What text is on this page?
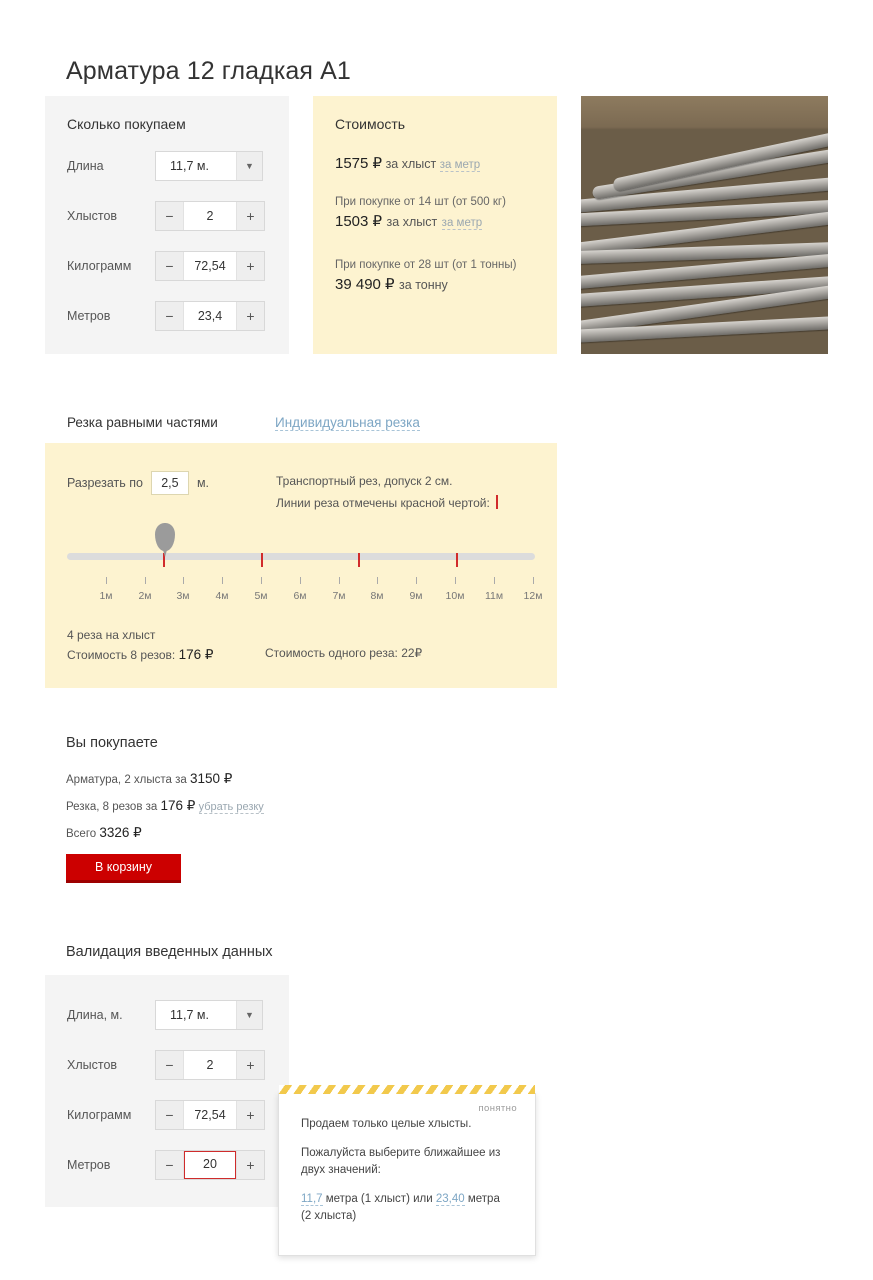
Арматура 12 гладкая А1
Сколько покупаем
Длина	11,7 м.	▼
Хлыстов	−	2	+
Килограмм	−	72,54	+
Метров	−	23,4	+
Стоимость
1575 ₽ за хлыст за метр
При покупке от 14 шт (от 500 кг)
1503 ₽ за хлыст за метр
При покупке от 28 шт (от 1 тонны)
39 490 ₽ за тонну
Резка равными частями	Индивидуальная резка
Разрезать по	2,5	м.	Транспортный рез, допуск 2 см.
Линии реза отмечены красной чертой:
1м	2м	3м	4м	5м	6м	7м	8м	9м	10м	11м	12м
4 реза на хлыст
Стоимость 8 резов: 176 ₽	Стоимость одного реза: 22₽
Вы покупаете
Арматура, 2 хлыста за 3150 ₽
Резка, 8 резов за 176 ₽ убрать резку
Всего 3326 ₽
В корзину
Валидация введенных данных
Длина, м.	11,7 м.	▼
Хлыстов	−	2	+
Килограмм	−	72,54	+
Метров	−	20	+
понятно

Продаем только целые хлысты.

Пожалуйста выберите ближайшее из двух значений:

11,7 метра (1 хлыст) или 23,40 метра
(2 хлыста)
